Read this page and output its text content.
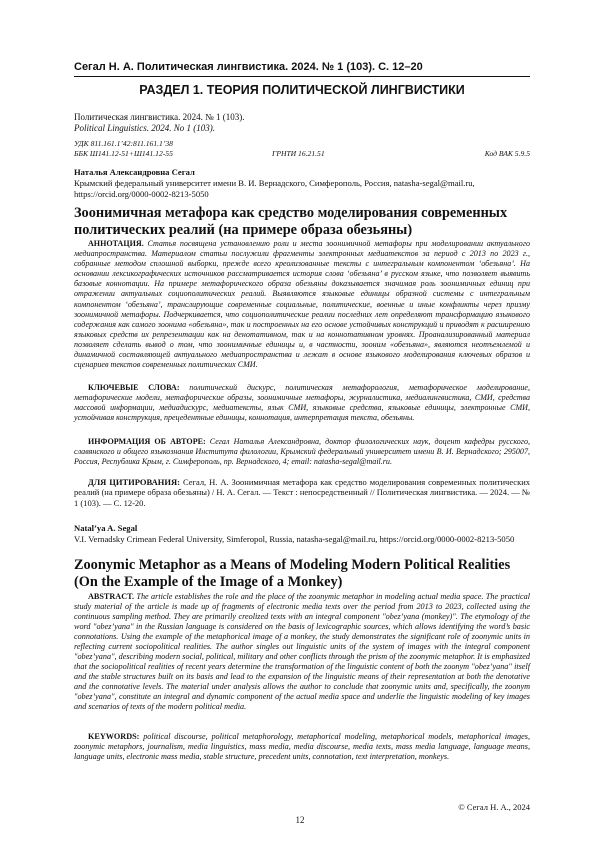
Сегал Н. А. Политическая лингвистика. 2024. № 1 (103). С. 12–20
РАЗДЕЛ 1. ТЕОРИЯ ПОЛИТИЧЕСКОЙ ЛИНГВИСТИКИ
Политическая лингвистика. 2024. № 1 (103).
Political Linguistics. 2024. No 1 (103).
УДК 811.161.1’42:811.161.1’38
ББК Ш141.12-51+Ш141.12-55	ГРНТИ 16.21.51	Код ВАК 5.9.5
Наталья Александровна Сегал
Крымский федеральный университет имени В. И. Вернадского, Симферополь, Россия, natasha-segal@mail.ru,
https://orcid.org/0000-0002-8213-5050
Зоонимичная метафора как средство моделирования современных
политических реалий (на примере образа обезьяны)
АННОТАЦИЯ. Статья посвящена установлению роли и места зоонимичной метафоры при моделировании актуального медиапространства. Материалом статьи послужили фрагменты электронных медиатекстов за период с 2013 по 2023 г., собранные методом сплошной выборки, прежде всего креолизованные тексты с интегральным компонентом ‘обезьяна’. На основании лексикографических источников рассматривается история слова ‘обезьяна’ в русском языке, что позволяет выявить базовые коннотации. На примере метафорического образа обезьяны доказывается значимая роль зоонимичных единиц при отражении актуальных социополитических реалий. Выявляются языковые единицы образной системы с интегральным компонентом ‘обезьяна’, транслирующие современные социальные, политические, военные и иные конфликты через призму зоонимичной метафоры. Подчеркивается, что социополитические реалии последних лет определяют трансформацию языкового содержания как самого зоонима «обезьяна», так и построенных на его основе устойчивых конструкций и приводят к расширению языковых средств их репрезентации как на денотативном, так и на коннотативном уровнях. Проанализированный материал позволяет сделать вывод о том, что зоонимичные единицы и, в частности, зооним «обезьяна», являются неотъемлемой и динамичной составляющей актуального медиапространства и лежат в основе языкового моделирования ключевых образов и сценариев текстов современных политических СМИ.
КЛЮЧЕВЫЕ СЛОВА: политический дискурс, политическая метафорология, метафорическое моделирование, метафорические модели, метафорические образы, зоонимичные метафоры, журналистика, медиалингвистика, СМИ, средства массовой информации, медиадискурс, медиатексты, язык СМИ, языковые средства, языковые единицы, электронные СМИ, устойчивая конструкция, прецедентные единицы, коннотация, интерпретация текста, обезьяны.
ИНФОРМАЦИЯ ОБ АВТОРЕ: Сегал Наталья Александровна, доктор филологических наук, доцент кафедры русского, славянского и общего языкознания Института филологии, Крымский федеральный университет имени В. И. Вернадского; 295007, Россия, Республика Крым, г. Симферополь, пр. Вернадского, 4; email: natasha-segal@mail.ru.
ДЛЯ ЦИТИРОВАНИЯ: Сегал, Н. А. Зоонимичная метафора как средство моделирования современных политических реалий (на примере образа обезьяны) / Н. А. Сегал. — Текст : непосредственный // Политическая лингвистика. — 2024. — № 1 (103). — С. 12-20.
Natal’ya A. Segal
V.I. Vernadsky Crimean Federal University, Simferopol, Russia, natasha-segal@mail.ru, https://orcid.org/0000-0002-8213-5050
Zoonymic Metaphor as a Means of Modeling Modern Political Realities
(On the Example of the Image of a Monkey)
ABSTRACT. The article establishes the role and the place of the zoonymic metaphor in modeling actual media space. The practical study material of the article is made up of fragments of electronic media texts over the period from 2013 to 2023, collected using the continuous sampling method. They are primarily creolized texts with an integral component "obez’yana (monkey)". The etymology of the word "obez’yana" in the Russian language is considered on the basis of lexicographic sources, which allows identifying the word’s basic connotations. Using the example of the metaphorical image of a monkey, the study demonstrates the significant role of zoonymic units in reflecting current sociopolitical realities. The author singles out linguistic units of the system of images with the integral component "obez’yana", describing modern social, political, military and other conflicts through the prism of the zoonymic metaphor. It is emphasized that the sociopolitical realities of recent years determine the transformation of the linguistic content of both the zoonym "obez’yana" itself and the stable structures built on its basis and lead to the expansion of the linguistic means of their representation at both the denotative and the connotative levels. The material under analysis allows the author to conclude that zoonymic units and, specifically, the zoonym "obez’yana", constitute an integral and dynamic component of the actual media space and underlie the linguistic modeling of key images and scenarios of texts of the modern political media.
KEYWORDS: political discourse, political metaphorology, metaphorical modeling, metaphorical models, metaphorical images, zoonymic metaphors, journalism, media linguistics, mass media, media discourse, media texts, mass media language, language means, language units, electronic mass media, stable structure, precedent units, connotation, text interpretation, monkeys.
© Сегал Н. А., 2024
12
